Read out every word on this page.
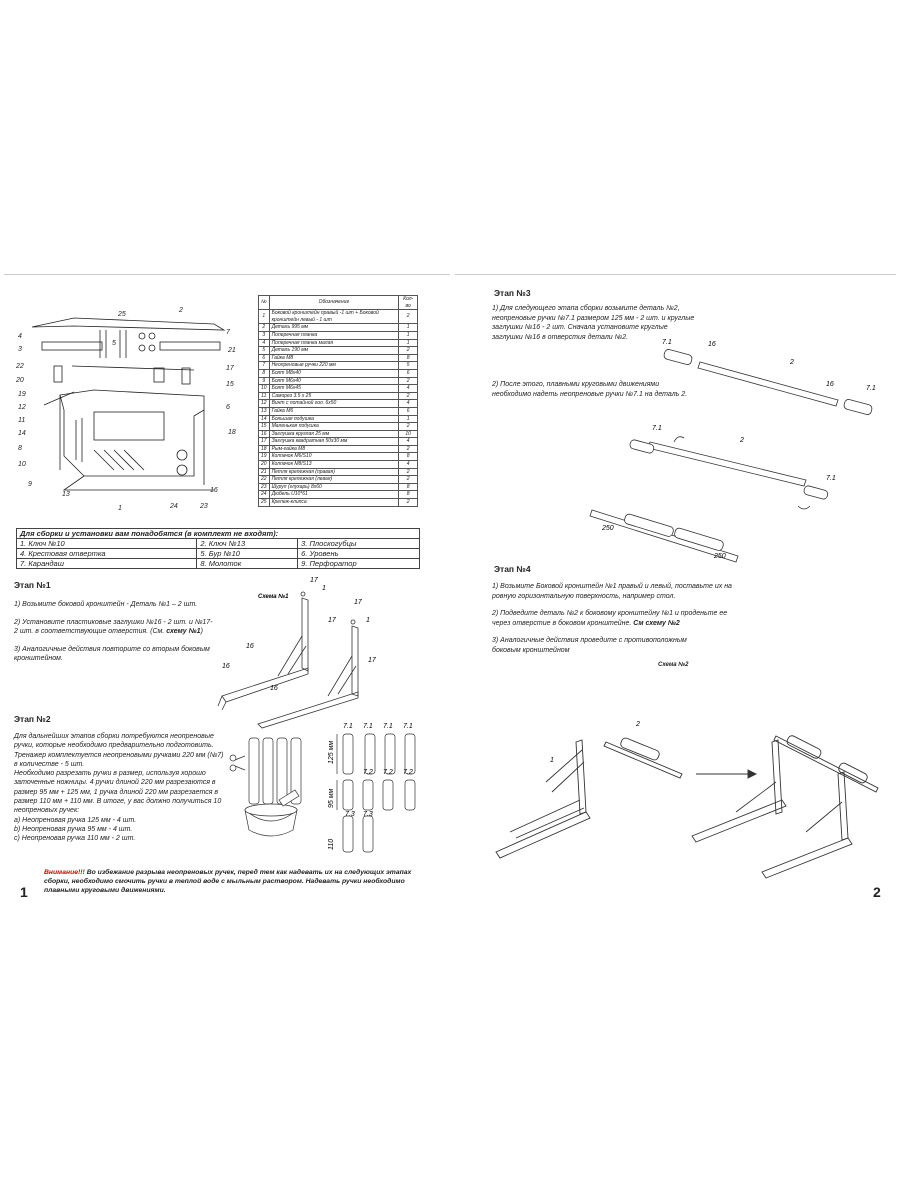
25
2
4
5
7
3	21
22	17
20
19
15
12
11
14
6
18
8
10
9
13
1	24	23
16
№	Обозначение	Кол-во
1	Боковой кронштейн правый -1 шт + Боковой кронштейн левый - 1 шт	2
2	Деталь 995 мм	1
3	Поперечная планка	1
4	Поперечная планка малая	1
5	Деталь 190 мм	2
6	Гайка М8	8
7	Неопреновые ручки 220 мм	5
8	Болт М8х40	6
9	Болт М6х40	2
10	Болт М6х45	4
11	Саморез 3.5 х 25	2
12	Винт с потайной гол. 6х50	4
13	Гайка М6	6
14	Большая подушка	1
15	Маленькая подушка	2
16	Заглушка круглая 25 мм	10
17	Заглушка квадратная 50х30 мм	4
18	Рым-гайка М8	2
19	Колпачок М6/S10	8
20	Колпачок М8/S13	4
21	Петля крепежная (правая)	2
22	Петля крепежная (левая)	2
23	Шуруп (глухарь) 8х60	8
24	Дюбель U10*61	8
25	Крепеж-клипса	2
Для сборки и установки вам понадобятся (в комплект не входят):		
1. Ключ №10	2. Ключ №13	3. Плоскогубцы
4. Крестовая отвертка	5. Бур №10	6. Уровень
7. Карандаш	8. Молоток	9. Перфоратор
Этап №1
1) Возьмите боковой кронштейн - Деталь №1 – 2 шт.
2) Установите пластиковые заглушки №16 - 2 шт. и №17-
2 шт. в соответствующие отверстия. (См. схему №1)
3) Аналогичные действия повторите со вторым боковым
кронштейном.
Схема №1
17
1
17
17	1
16
16
17
16
Этап №2
Для дальнейших этапов сборки потребуются неопреновые
ручки, которые необходимо предварительно подготовить.
Тренажер комплектуется неопреновыми ручками 220 мм (№7)
в количестве - 5 шт.
Необходимо разрезать ручки в размер, используя хорошо
заточенные ножницы. 4 ручки длиной 220 мм разрезаются в
размер 95 мм + 125 мм, 1 ручка длиной 220 мм разрезается в
размер 110 мм + 110 мм. В итоге, у вас должно получиться 10
неопреновых ручек:
a) Неопреновая ручка 125 мм - 4 шт.
b) Неопреновая ручка 95 мм - 4 шт.
c) Неопреновая ручка 110 мм - 2 шт.
7.1 7.1 7.1 7.1
7.2 7.2 7.2
7.3 7.3
125 мм
95 мм
110
Внимание!!! Во избежание разрыва неопреновых ручек, перед тем как надевать их на следующих этапах
сборки, необходимо смочить ручки в теплой воде с мыльным раствором. Надевать ручки необходимо
плавными круговыми движениями.
1
Этап №3
1) Для следующего этапа сборки возьмите деталь №2,
неопреновые ручки №7.1 размером 125 мм - 2 шт. и круглые
заглушки №16 - 2 шт. Сначала установите круглые
заглушки №16 в отверстия детали №2.
2) После этого, плавными круговыми движениями
необходимо надеть неопреновые ручки №7.1 на деталь 2.
7.1	16
2
16
7.1
7.1
2
7.1
250
250
Этап №4
1) Возьмите Боковой кронштейн №1 правый и левый, поставьте их на
ровную горизонтальную поверхность, например стол.
2) Подведите деталь №2 к боковому кронштейну №1 и проденьте ее
через отверстие в боковом кронштейне. См схему №2
3) Аналогичные действия проведите с противоположным
боковым кронштейном
Схема №2
2
1
2
